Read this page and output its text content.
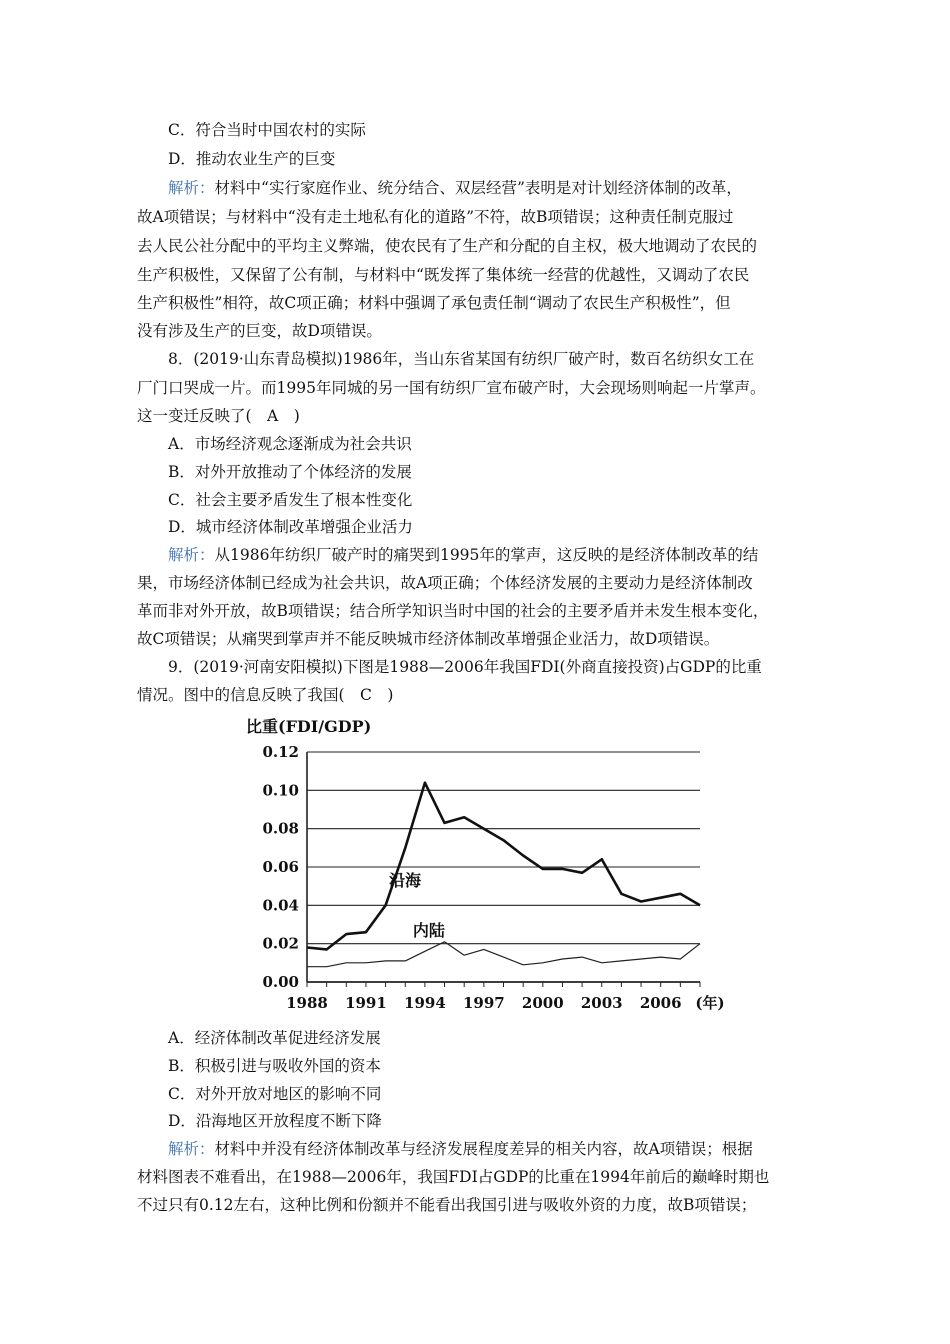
C．符合当时中国农村的实际
D．推动农业生产的巨变
解析：材料中“实行家庭作业、统分结合、双层经营”表明是对计划经济体制的改革，
故A项错误；与材料中“没有走土地私有化的道路”不符，故B项错误；这种责任制克服过
去人民公社分配中的平均主义弊端，使农民有了生产和分配的自主权，极大地调动了农民的
生产积极性，又保留了公有制，与材料中“既发挥了集体统一经营的优越性，又调动了农民
生产积极性”相符，故C项正确；材料中强调了承包责任制“调动了农民生产积极性”，但
没有涉及生产的巨变，故D项错误。
8．(2019·山东青岛模拟)1986年，当山东省某国有纺织厂破产时，数百名纺织女工在
厂门口哭成一片。而1995年同城的另一国有纺织厂宣布破产时，大会现场则响起一片掌声。
这一变迁反映了(　A　)
A．市场经济观念逐渐成为社会共识
B．对外开放推动了个体经济的发展
C．社会主要矛盾发生了根本性变化
D．城市经济体制改革增强企业活力
解析：从1986年纺织厂破产时的痛哭到1995年的掌声，这反映的是经济体制改革的结
果，市场经济体制已经成为社会共识，故A项正确；个体经济发展的主要动力是经济体制改
革而非对外开放，故B项错误；结合所学知识当时中国的社会的主要矛盾并未发生根本变化，
故C项错误；从痛哭到掌声并不能反映城市经济体制改革增强企业活力，故D项错误。
9．(2019·河南安阳模拟)下图是1988—2006年我国FDI(外商直接投资)占GDP的比重
情况。图中的信息反映了我国(　C　)
0.00
0.02
0.04
0.06
0.08
0.10
0.12
1988 1991 1994 1997 2000 2003 2006 (年)
比重(FDI/GDP)
沿海
内陆
A．经济体制改革促进经济发展
B．积极引进与吸收外国的资本
C．对外开放对地区的影响不同
D．沿海地区开放程度不断下降
解析：材料中并没有经济体制改革与经济发展程度差异的相关内容，故A项错误；根据
材料图表不难看出，在1988—2006年，我国FDI占GDP的比重在1994年前后的巅峰时期也
不过只有0.12左右，这种比例和份额并不能看出我国引进与吸收外资的力度，故B项错误；
